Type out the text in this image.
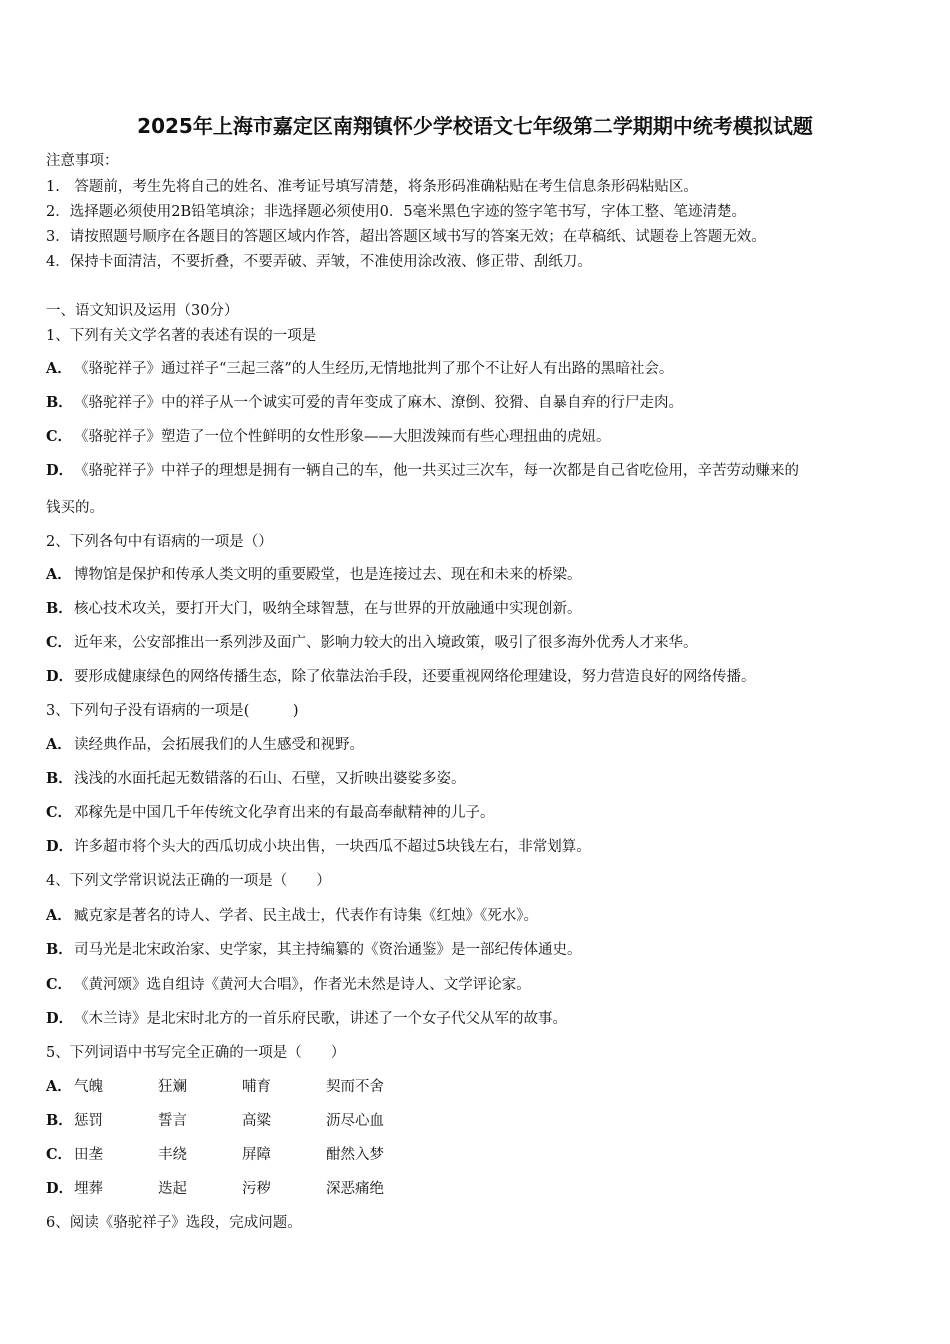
2025年上海市嘉定区南翔镇怀少学校语文七年级第二学期期中统考模拟试题
注意事项：
1.　答题前，考生先将自己的姓名、准考证号填写清楚，将条形码准确粘贴在考生信息条形码粘贴区。
2．选择题必须使用2B铅笔填涂；非选择题必须使用0．5毫米黑色字迹的签字笔书写，字体工整、笔迹清楚。
3．请按照题号顺序在各题目的答题区域内作答，超出答题区域书写的答案无效；在草稿纸、试题卷上答题无效。
4．保持卡面清洁，不要折叠，不要弄破、弄皱，不准使用涂改液、修正带、刮纸刀。
一、语文知识及运用（30分）
1、下列有关文学名著的表述有误的一项是
A． 《骆驼祥子》通过祥子“三起三落”的人生经历,无情地批判了那个不让好人有出路的黑暗社会。
B．《骆驼祥子》中的祥子从一个诚实可爱的青年变成了麻木、潦倒、狡猾、自暴自弃的行尸走肉。
C． 《骆驼祥子》塑造了一位个性鲜明的女性形象——大胆泼辣而有些心理扭曲的虎妞。
D．《骆驼祥子》中祥子的理想是拥有一辆自己的车，他一共买过三次车，每一次都是自己省吃俭用，辛苦劳动赚来的
钱买的。
2、下列各句中有语病的一项是（）
A． 博物馆是保护和传承人类文明的重要殿堂，也是连接过去、现在和未来的桥梁。
B．核心技术攻关，要打开大门，吸纳全球智慧，在与世界的开放融通中实现创新。
C． 近年来，公安部推出一系列涉及面广、影响力较大的出入境政策，吸引了很多海外优秀人才来华。
D．要形成健康绿色的网络传播生态，除了依靠法治手段，还要重视网络伦理建设，努力营造良好的网络传播。
3、下列句子没有语病的一项是(　　　)
A． 读经典作品，会拓展我们的人生感受和视野。
B．浅浅的水面托起无数错落的石山、石壁，又折映出婆娑多姿。
C． 邓稼先是中国几千年传统文化孕育出来的有最高奉献精神的儿子。
D．许多超市将个头大的西瓜切成小块出售，一块西瓜不超过5块钱左右，非常划算。
4、下列文学常识说法正确的一项是（　　）
A． 臧克家是著名的诗人、学者、民主战士，代表作有诗集《红烛》《死水》。
B．司马光是北宋政治家、史学家，其主持编纂的《资治通鉴》是一部纪传体通史。
C． 《黄河颂》选自组诗《黄河大合唱》，作者光未然是诗人、文学评论家。
D．《木兰诗》是北宋时北方的一首乐府民歌，讲述了一个女子代父从军的故事。
5、下列词语中书写完全正确的一项是（　　）
A． 气魄	狂斓	哺育	契而不舍
B．惩罚	誓言	高粱	沥尽心血
C． 田垄	丰绕	屏障	酣然入梦
D．埋葬	迭起	污秽	深恶痛绝
6、阅读《骆驼祥子》选段，完成问题。
